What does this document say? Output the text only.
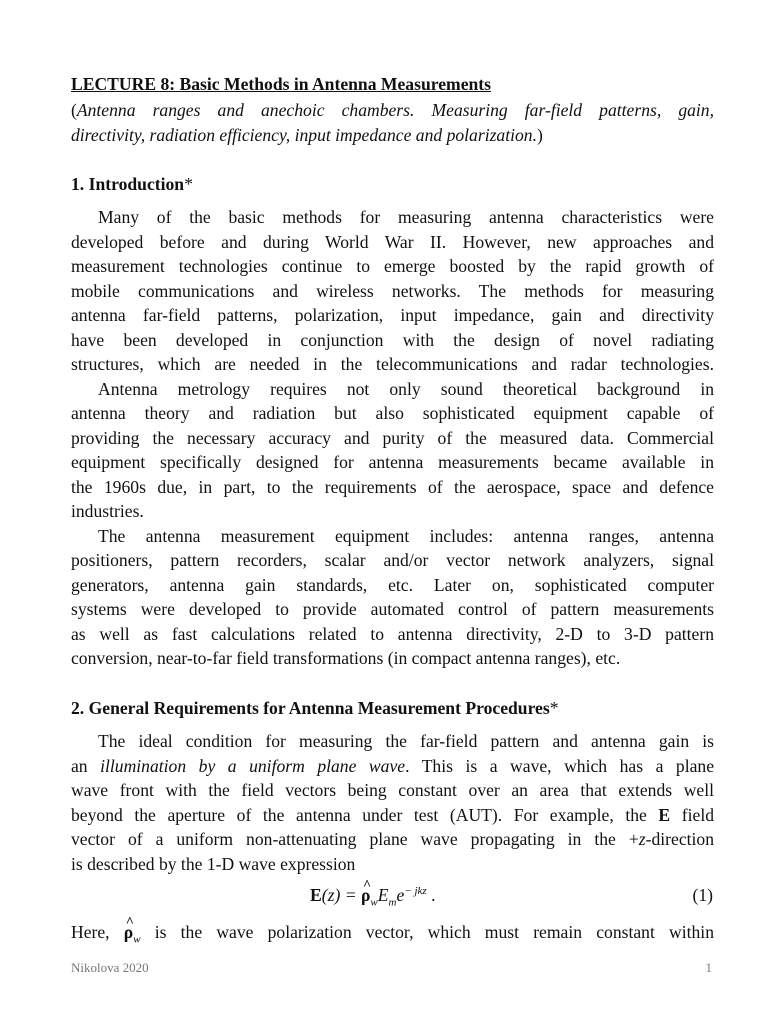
LECTURE 8: Basic Methods in Antenna Measurements
(Antenna ranges and anechoic chambers. Measuring far-field patterns, gain,
directivity, radiation efficiency, input impedance and polarization.)
1. Introduction*
Many of the basic methods for measuring antenna characteristics were
developed before and during World War II. However, new approaches and
measurement technologies continue to emerge boosted by the rapid growth of
mobile communications and wireless networks. The methods for measuring
antenna far-field patterns, polarization, input impedance, gain and directivity
have been developed in conjunction with the design of novel radiating
structures, which are needed in the telecommunications and radar technologies.
Antenna metrology requires not only sound theoretical background in
antenna theory and radiation but also sophisticated equipment capable of
providing the necessary accuracy and purity of the measured data. Commercial
equipment specifically designed for antenna measurements became available in
the 1960s due, in part, to the requirements of the aerospace, space and defence
industries.
The antenna measurement equipment includes: antenna ranges, antenna
positioners, pattern recorders, scalar and/or vector network analyzers, signal
generators, antenna gain standards, etc. Later on, sophisticated computer
systems were developed to provide automated control of pattern measurements
as well as fast calculations related to antenna directivity, 2-D to 3-D pattern
conversion, near-to-far field transformations (in compact antenna ranges), etc.
2. General Requirements for Antenna Measurement Procedures*
The ideal condition for measuring the far-field pattern and antenna gain is
an illumination by a uniform plane wave. This is a wave, which has a plane
wave front with the field vectors being constant over an area that extends well
beyond the aperture of the antenna under test (AUT). For example, the E field
vector of a uniform non-attenuating plane wave propagating in the +z-direction
is described by the 1-D wave expression
E(z) = ^ $\rho_wE_me^{- jkz}$ .	(1)
Here, ^ $\rho_w$ is the wave polarization vector, which must remain constant within
Nikolova 2020	1
